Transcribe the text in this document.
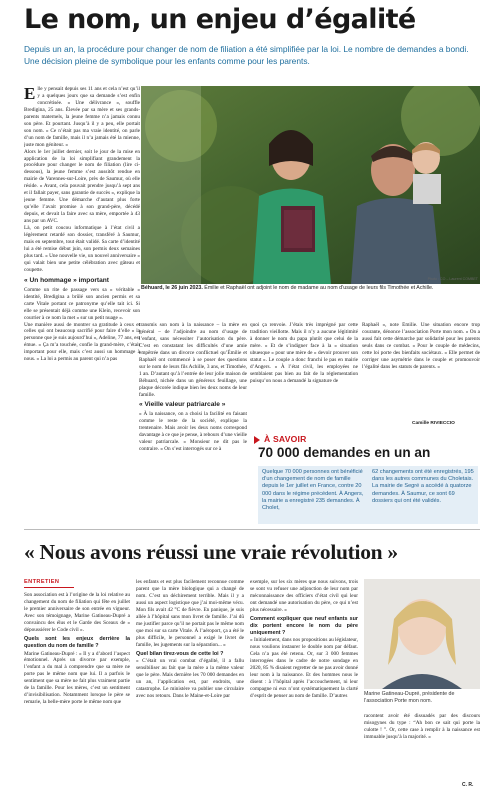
Le nom, un enjeu d’égalité
Depuis un an, la procédure pour changer de nom de filiation a été simplifiée par la loi. Le nombre de demandes a bondi. Une décision pleine de symbolique pour les enfants comme pour les parents.

Elle y pensait depuis ses 11 ans et cela n’est qu’il y a quelques jours que sa demande s’est enfin concrétisée. « Une délivrance », souffle Bredigina, 25 ans. Élevée par sa mère et ses grands-parents maternels, la jeune femme n’a jamais connu son père. Et pourtant. Jusqu’à il y a peu, elle portait son nom. « Ce n’était pas ma vraie identité, on parle d’un nom de famille, mais il n’a jamais été la mienne, juste mon géniteur. »

Alors le 1er juillet dernier, soit le jour de la mise en application de la loi simplifiant grandement la procédure pour changer le nom de filiation (lire ci-dessous), la jeune femme s’est aussitôt rendue en mairie de Varennes-sur-Loire, près de Saumur, où elle réside. « Avant, cela pouvait prendre jusqu’à sept ans et il fallait payer, sans garantie de succès », explique la jeune femme. Une démarche d’autant plus forte qu’elle l’avait promise à son grand-père, décédé depuis, et devait la faire avec sa mère, emportée à 43 ans par un AVC.

Là, on petit coucou informatique à l’état civil a légèrement retardé son dossier, transféré à Saumur, mais en septembre, tout était validé. Sa carte d’identité lui a été remise début juin, son permis deux semaines plus tard. « Une nouvelle vie, un nouvel anniversaire » qui valait bien une petite célébration avec gâteau et coupette.

« Un hommage » important

Comme un rite de passage vers sa « véritable » identité, Bredigina a brûlé son ancien permis et sa carte Vitale portant ce patronyme qu’elle tait ici. Si elle se présentait déjà comme une Klein, recevoir son courrier à ce nom la met « sur un petit nuage ».

Une manière aussi de montrer sa gratitude à ceux et celles qui ont beaucoup sacrifié pour faire d’elle « la personne que je suis aujourd’hui », Adeline, 77 ans, est émue. « Ça m’a touchée, confie la grand-mère, c’était important pour elle, mais c’est aussi un hommage à nous. » La loi a permis au parent qui n’a pas

Photo : CO – Laurent COMBET
Béhuard, le 26 juin 2023. Émilie et Raphaël ont adjoint le nom de madame au nom d’usage de leurs fils Timothée et Achille.

transmis son nom à la naissance – la mère en général – de l’adjoindre au nom d’usage de l’enfant, sans nécessiter l’autorisation du père. C’est en constatant les difficultés d’une amie empêtrée dans un divorce conflictuel qu’Émilie et Raphaël ont commencé à se poser des questions sur le nom de leurs fils Achille, 3 ans, et Timothée, 1 an. D’autant qu’à l’entrée de leur jolie maison de Béhuard, nichée dans un généreux feuillage, une plaque décorée indique bien les deux noms de leur famille.

« Vieille valeur patriarcale »

« À la naissance, on a choisi la facilité en faisant comme le reste de la société, explique la trentenaire. Mais avoir les deux noms correspond davantage à ce que je pense, à rebours d’une vieille valeur patriarcale. » Monsieur ne dit pas le contraire. « On s’est interrogés sur ce à

quoi ça renvoie. J’étais très imprégné par cette tradition vieillotte. Mais il n’y a aucune légitimité à donner le nom du papa plutôt que celui de la mère. » Et de s’indigner face à la « situation ubuesque » pour une mère de « devoir prouver son statut ». Le couple a donc franchi le pas en mairie d’Angers. « À l’état civil, les employées ne semblaient pas bien au fait de la réglementation puisqu’on nous a demandé la signature de

Raphaël », note Émilie. Une situation encore trop courante, dénonce l’association Porte mon nom. « On a aussi fait cette démarche par solidarité pour les parents seuls dans ce combat. » Pour le couple de médecins, cette loi porte des bienfaits sociétaux. « Elle permet de corriger une asymétrie dans le couple et promouvoir l’égalité dans les statuts de parents. »

Camille RIVIECCIO
À SAVOIR
70 000 demandes en un an
Quelque 70 000 personnes ont bénéficié d’un changement de nom de famille depuis le 1er juillet en France, contre 20 000 dans le régime précédent. À Angers, la mairie a enregistré 235 demandes. À Cholet,
62 changements ont été enregistrés, 195 dans les autres communes du Choletais. La mairie de Segré a accédé à quatorze demandes. À Saumur, ce sont 69 dossiers qui ont été validés.
« Nous avons réussi une vraie révolution »
ENTRETIEN

Son association est à l’origine de la loi relative au changement du nom de filiation qui fête en juillet le premier anniversaire de son entrée en vigueur. Avec son témoignage, Marine Gatineau-Dupré a convaincu des élus et le Garde des Sceaux de « dépoussiérer le Code civil ».

Quels sont les enjeux derrière la question du nom de famille ?

Marine Gatineau-Dupré : « Il y a d’abord l’aspect émotionnel. Après un divorce par exemple, l’enfant a du mal à comprendre que sa mère ne porte pas le même nom que lui. Il a parfois le sentiment que sa mère ne fait plus vraiment partie de la famille. Pour les mères, c’est un sentiment d’invisibilisation. Notamment lorsque le père se remarie, la belle-mère porte le même nom que

les enfants et est plus facilement reconnue comme parent que la mère biologique qui a changé de nom. C’est un déchirement terrible. Mais il y a aussi un aspect logistique que j’ai moi-même vécu. Mon fils avait 42 °C de fièvre. En panique, je suis allée à l’hôpital sans mon livret de famille. J’ai dû me justifier parce qu’il ne portait pas le même nom que moi sur sa carte Vitale. À l’aéroport, ça a été le plus difficile, le personnel a exigé le livret de famille, les jugements sur la séparation... »

Quel bilan tirez-vous de cette loi ?

« C’était un vrai combat d’égalité, il a fallu sensibiliser au fait que la mère a la même valeur que le père. Mais dernière les 70 000 demandes en un an, l’application est, par endroits, une catastrophe. Le ministère va publier une circulaire avec nos retours. Dans le Maine-et-Loire par

exemple, sur les six mères que nous suivons, trois se sont vu refuser une adjonction de leur nom par méconnaissance des officiers d’état civil qui leur ont demandé une autorisation du père, ce qui n’est plus nécessaire. »

Comment expliquer que neuf enfants sur dix portent encore le nom du père uniquement ?

« Initialement, dans nos propositions au législateur, nous voulions instaurer le double nom par défaut. Cela n’a pas été retenu. Or, sur 3 000 femmes interrogées dans le cadre de notre sondage en 2020, 85 % disaient regretter de ne pas avoir donné leur nom à la naissance. Et des hommes nous le disent : à l’hôpital après l’accouchement, ni leur compagne ni eux n’ont systématiquement la clarté d’esprit de penser au nom de famille. D’autres	Marine Gatineau-Dupré, présidente de l’association Porte mon nom.

racontent avoir été dissuadés par des discours misogynes du type : “Ah bon ce sait qui porte la culotte ! ”. Or, cette case à remplir à la naissance est immuable jusqu’à la majorité. »

C. R.
